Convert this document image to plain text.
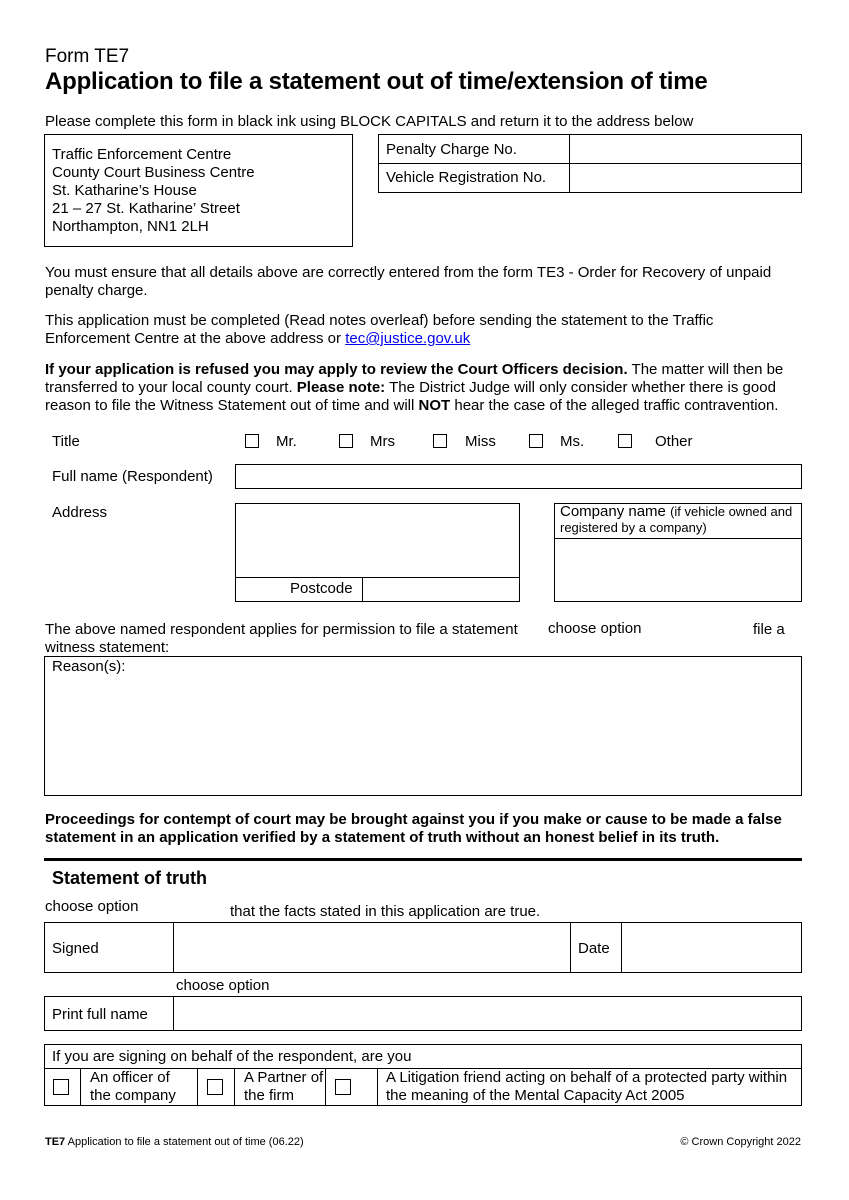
Form TE7
Application to file a statement out of time/extension of time
Please complete this form in black ink using BLOCK CAPITALS and return it to the address below
Traffic Enforcement Centre
County Court Business Centre
St. Katharine’s House
21 – 27 St. Katharine’ Street
Northampton, NN1 2LH
Penalty Charge No.
Vehicle Registration No.
You must ensure that all details above are correctly entered from the form TE3 - Order for Recovery of unpaid penalty charge.
This application must be completed (Read notes overleaf) before sending the statement to the Traffic Enforcement Centre at the above address or tec@justice.gov.uk
If your application is refused you may apply to review the Court Officers decision. The matter will then be transferred to your local county court. Please note: The District Judge will only consider whether there is good reason to file the Witness Statement out of time and will NOT hear the case of the alleged traffic contravention.
Title	Mr.	Mrs	Miss	Ms.	Other
Full name (Respondent)
Address
Postcode
Company name (if vehicle owned and registered by a company)
The above named respondent applies for permission to file a statement choose option	file a
witness statement:
Reason(s):
Proceedings for contempt of court may be brought against you if you make or cause to be made a false statement in an application verified by a statement of truth without an honest belief in its truth.
Statement of truth
choose option	that the facts stated in this application are true.
Signed	Date
choose option
Print full name
If you are signing on behalf of the respondent, are you
An officer of the company
A Partner of the firm
A Litigation friend acting on behalf of a protected party within the meaning of the Mental Capacity Act 2005
TE7 Application to file a statement out of time (06.22)	© Crown Copyright 2022
